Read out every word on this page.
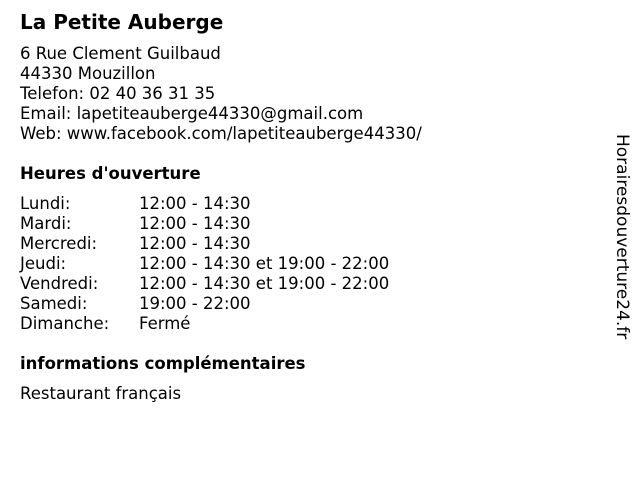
La Petite Auberge
6 Rue Clement Guilbaud
44330 Mouzillon
Telefon: 02 40 36 31 35
Email: lapetiteauberge44330@gmail.com
Web: www.facebook.com/lapetiteauberge44330/
Heures d'ouverture
Lundi:	12:00 - 14:30
Mardi:	12:00 - 14:30
Mercredi:	12:00 - 14:30
Jeudi:	12:00 - 14:30 et 19:00 - 22:00
Vendredi:	12:00 - 14:30 et 19:00 - 22:00
Samedi:	19:00 - 22:00
Dimanche:	Fermé
informations complémentaires
Restaurant français
Horairesdouverture24.fr
